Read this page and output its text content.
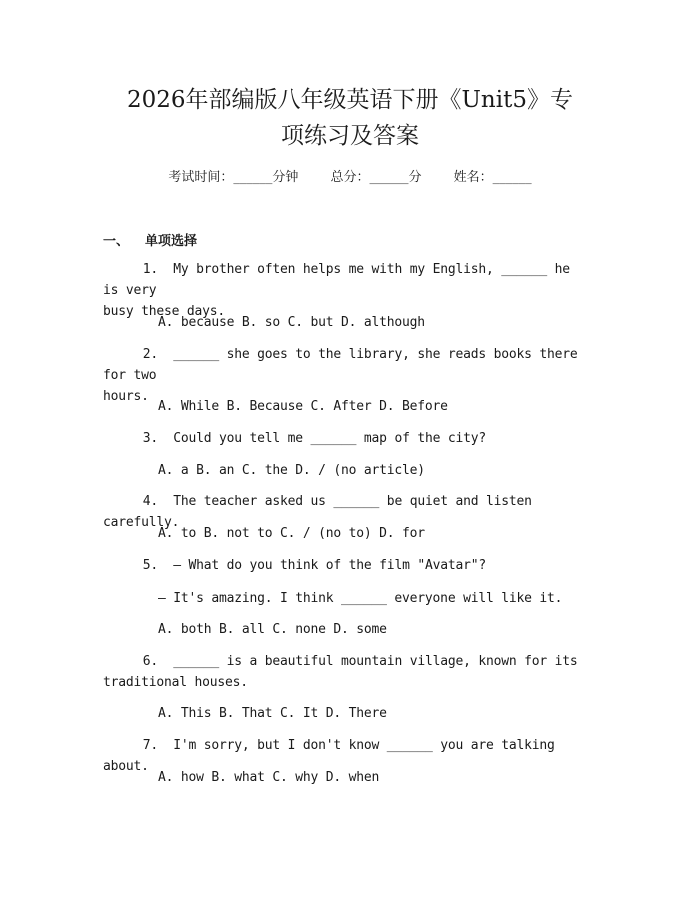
2026年部编版八年级英语下册《Unit5》专
项练习及答案
考试时间：______分钟 总分：______分 姓名：______
一、 单项选择
1. My brother often helps me with my English, ______ he is very
busy these days.
A. because B. so C. but D. although
2. ______ she goes to the library, she reads books there for two
hours.
A. While B. Because C. After D. Before
3. Could you tell me ______ map of the city?
A. a B. an C. the D. / (no article)
4. The teacher asked us ______ be quiet and listen carefully.
A. to B. not to C. / (no to) D. for
5. — What do you think of the film "Avatar"?
— It's amazing. I think ______ everyone will like it.
A. both B. all C. none D. some
6. ______ is a beautiful mountain village, known for its
traditional houses.
A. This B. That C. It D. There
7. I'm sorry, but I don't know ______ you are talking about.
A. how B. what C. why D. when
